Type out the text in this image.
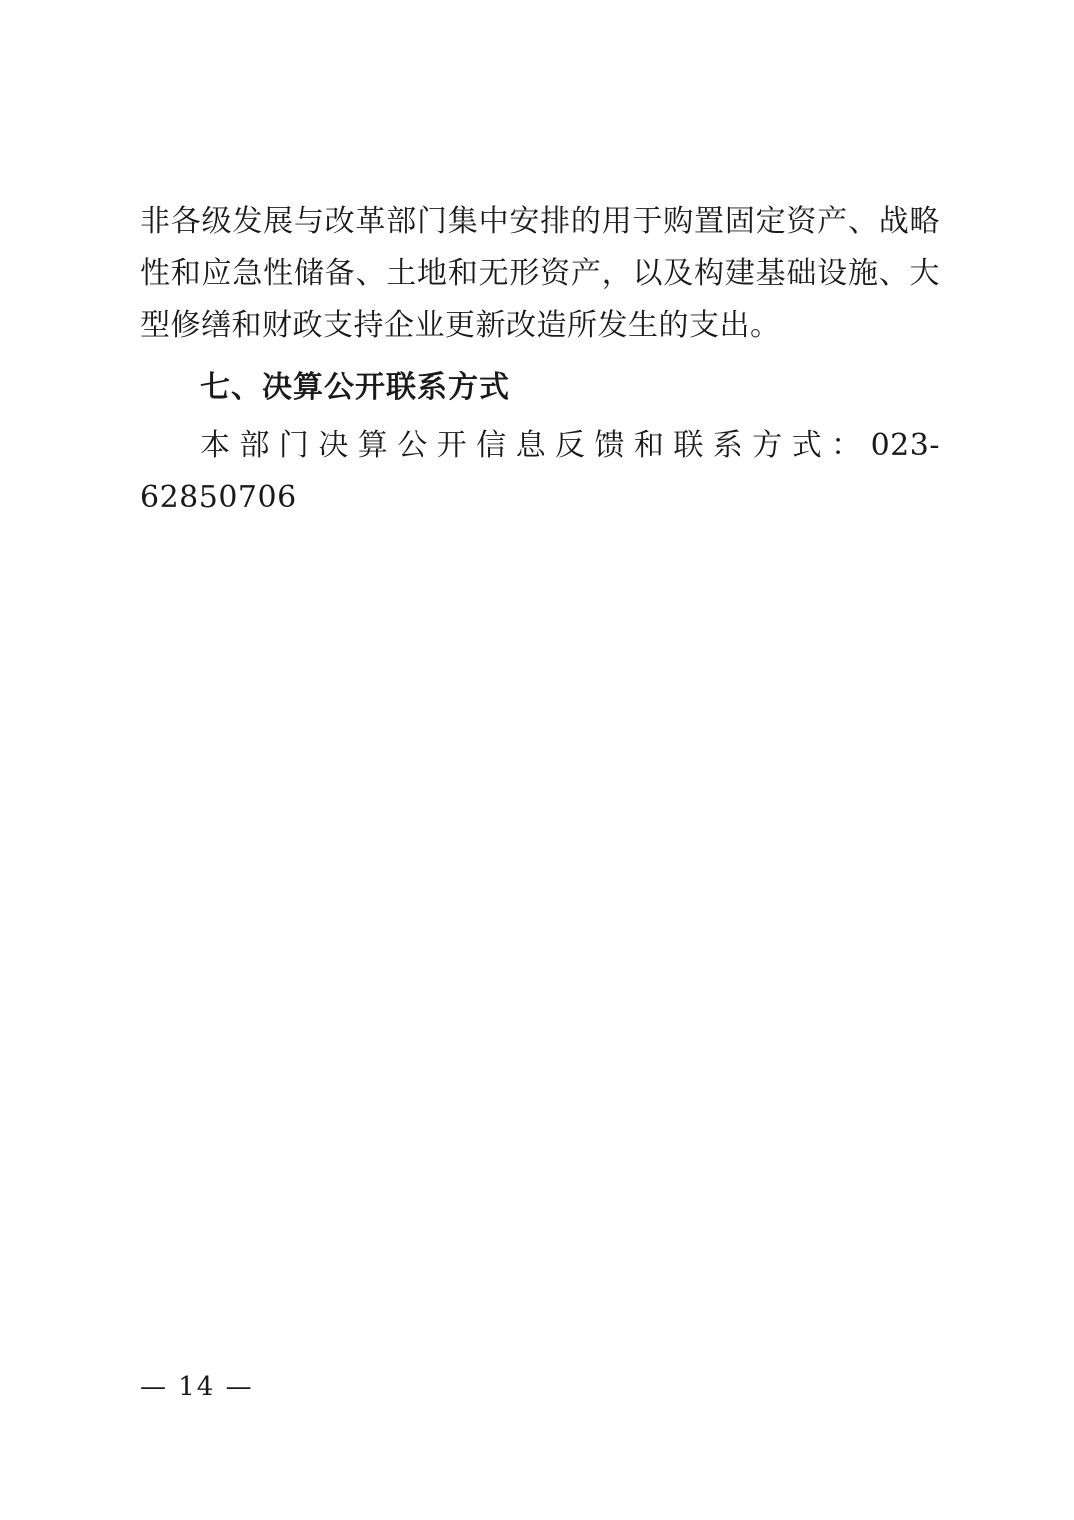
非各级发展与改革部门集中安排的用于购置固定资产、战略性和应急性储备、土地和无形资产，以及构建基础设施、大型修缮和财政支持企业更新改造所发生的支出。

七、决算公开联系方式

本部门决算公开信息反馈和联系方式：023-62850706

— 14 —
